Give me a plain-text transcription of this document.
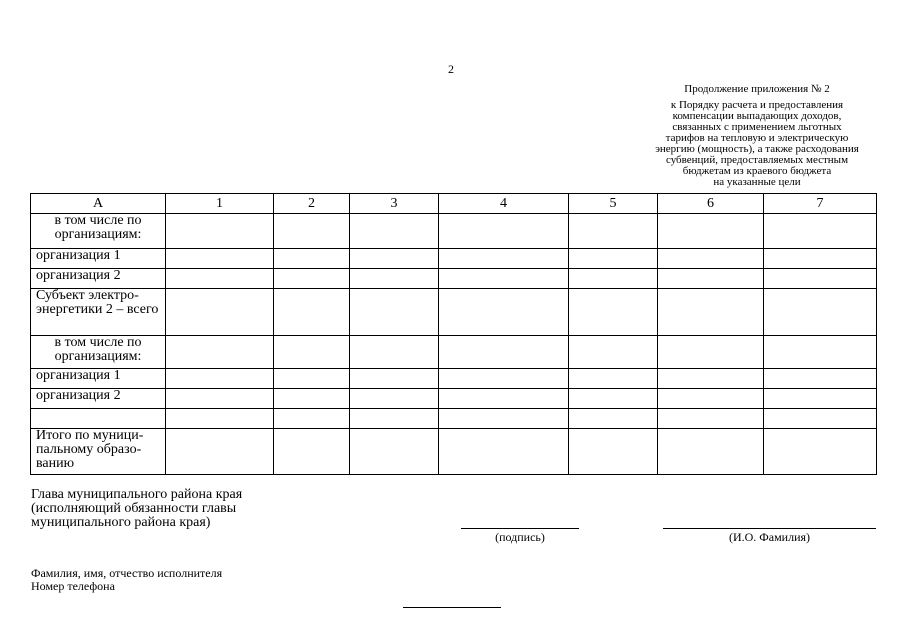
2
Продолжение приложения № 2
к Порядку расчета и предоставления
компенсации выпадающих доходов,
связанных с применением льготных
тарифов на тепловую и электрическую
энергию (мощность), а также расходования
субвенций, предоставляемых местным
бюджетам из краевого бюджета
на указанные цели
А	1	2	3	4	5	6	7
в том числе по организациям:							
организация 1							
организация 2							
Субъект электро-энергетики 2 – всего							
в том числе по организациям:							
организация 1							
организация 2							

Итого по муници-пальному образо-ванию							
Глава муниципального района края
(исполняющий обязанности главы
муниципального района края)
(подпись)	(И.О. Фамилия)
Фамилия, имя, отчество исполнителя
Номер телефона
